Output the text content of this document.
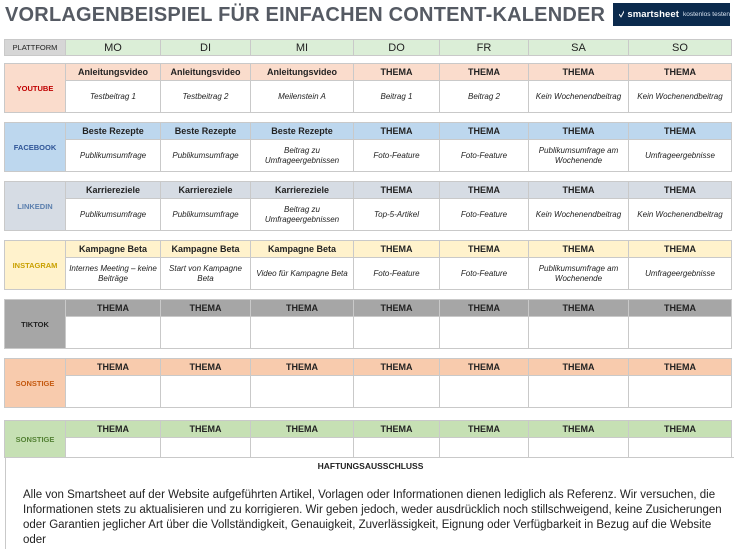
VORLAGENBEISPIEL FÜR EINFACHEN CONTENT-KALENDER smartsheet kostenlos testen
PLATTFORM	MO	DI	MI	DO	FR	SA	SO
YOUTUBE	Anleitungsvideo	Anleitungsvideo	Anleitungsvideo	THEMA	THEMA	THEMA	THEMA
	Testbeitrag 1	Testbeitrag 2	Meilenstein A	Beitrag 1	Beitrag 2	Kein Wochenendbeitrag	Kein Wochenendbeitrag
FACEBOOK	Beste Rezepte	Beste Rezepte	Beste Rezepte	THEMA	THEMA	THEMA	THEMA
	Publikumsumfrage	Publikumsumfrage	Beitrag zu Umfrageergebnissen	Foto-Feature	Foto-Feature	Publikumsumfrage am Wochenende	Umfrageergebnisse
LINKEDIN	Karriereziele	Karriereziele	Karriereziele	THEMA	THEMA	THEMA	THEMA
	Publikumsumfrage	Publikumsumfrage	Beitrag zu Umfrageergebnissen	Top-5-Artikel	Foto-Feature	Kein Wochenendbeitrag	Kein Wochenendbeitrag
INSTAGRAM	Kampagne Beta	Kampagne Beta	Kampagne Beta	THEMA	THEMA	THEMA	THEMA
	Internes Meeting – keine Beiträge	Start von Kampagne Beta	Video für Kampagne Beta	Foto-Feature	Foto-Feature	Publikumsumfrage am Wochenende	Umfrageergebnisse
TIKTOK	THEMA	THEMA	THEMA	THEMA	THEMA	THEMA	THEMA

SONSTIGE	THEMA	THEMA	THEMA	THEMA	THEMA	THEMA	THEMA

SONSTIGE	THEMA	THEMA	THEMA	THEMA	THEMA	THEMA	THEMA

HAFTUNGSAUSSCHLUSS
Alle von Smartsheet auf der Website aufgeführten Artikel, Vorlagen oder Informationen dienen lediglich als Referenz. Wir versuchen, die Informationen stets zu aktualisieren und zu korrigieren. Wir geben jedoch, weder ausdrücklich noch stillschweigend, keine Zusicherungen oder Garantien jeglicher Art über die Vollständigkeit, Genauigkeit, Zuverlässigkeit, Eignung oder Verfügbarkeit in Bezug auf die Website oder
